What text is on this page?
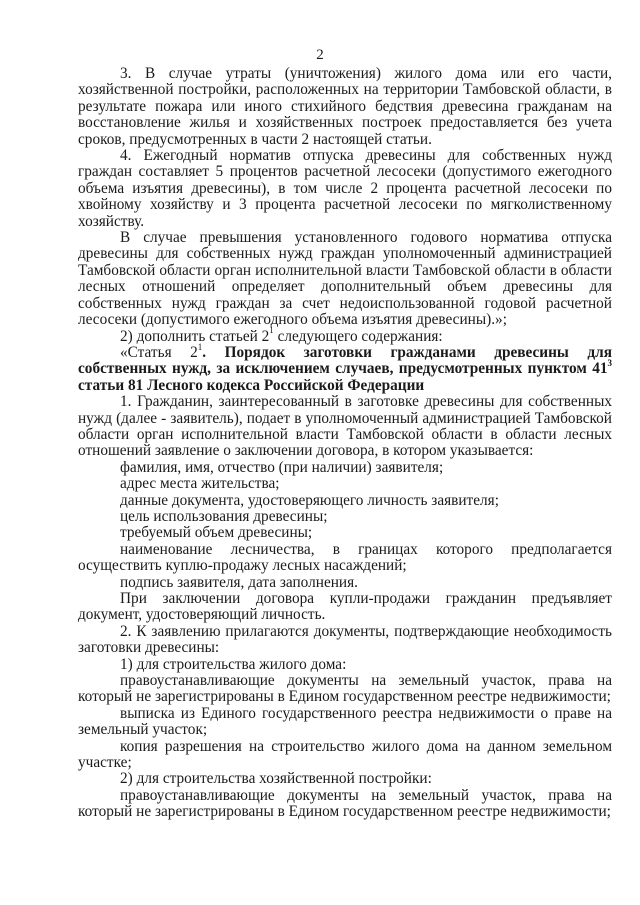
2

3. В случае утраты (уничтожения) жилого дома или его части, хозяйственной постройки, расположенных на территории Тамбовской области, в результате пожара или иного стихийного бедствия древесина гражданам на восстановление жилья и хозяйственных построек предоставляется без учета сроков, предусмотренных в части 2 настоящей статьи.

4. Ежегодный норматив отпуска древесины для собственных нужд граждан составляет 5 процентов расчетной лесосеки (допустимого ежегодного объема изъятия древесины), в том числе 2 процента расчетной лесосеки по хвойному хозяйству и 3 процента расчетной лесосеки по мягколиственному хозяйству.

В случае превышения установленного годового норматива отпуска древесины для собственных нужд граждан уполномоченный администрацией Тамбовской области орган исполнительной власти Тамбовской области в области лесных отношений определяет дополнительный объем древесины для собственных нужд граждан за счет недоиспользованной годовой расчетной лесосеки (допустимого ежегодного объема изъятия древесины).»;

2) дополнить статьей $2^1$ следующего содержания:

«Статья $2^1$. Порядок заготовки гражданами древесины для собственных нужд, за исключением случаев, предусмотренных пунктом $41^3$ статьи 81 Лесного кодекса Российской Федерации

1. Гражданин, заинтересованный в заготовке древесины для собственных нужд (далее - заявитель), подает в уполномоченный администрацией Тамбовской области орган исполнительной власти Тамбовской области в области лесных отношений заявление о заключении договора, в котором указывается:

фамилия, имя, отчество (при наличии) заявителя;

адрес места жительства;

данные документа, удостоверяющего личность заявителя;

цель использования древесины;

требуемый объем древесины;

наименование лесничества, в границах которого предполагается осуществить куплю-продажу лесных насаждений;

подпись заявителя, дата заполнения.

При заключении договора купли-продажи гражданин предъявляет документ, удостоверяющий личность.

2. К заявлению прилагаются документы, подтверждающие необходимость заготовки древесины:

1) для строительства жилого дома:

правоустанавливающие документы на земельный участок, права на который не зарегистрированы в Едином государственном реестре недвижимости;

выписка из Единого государственного реестра недвижимости о праве на земельный участок;

копия разрешения на строительство жилого дома на данном земельном участке;

2) для строительства хозяйственной постройки:

правоустанавливающие документы на земельный участок, права на который не зарегистрированы в Едином государственном реестре недвижимости;
